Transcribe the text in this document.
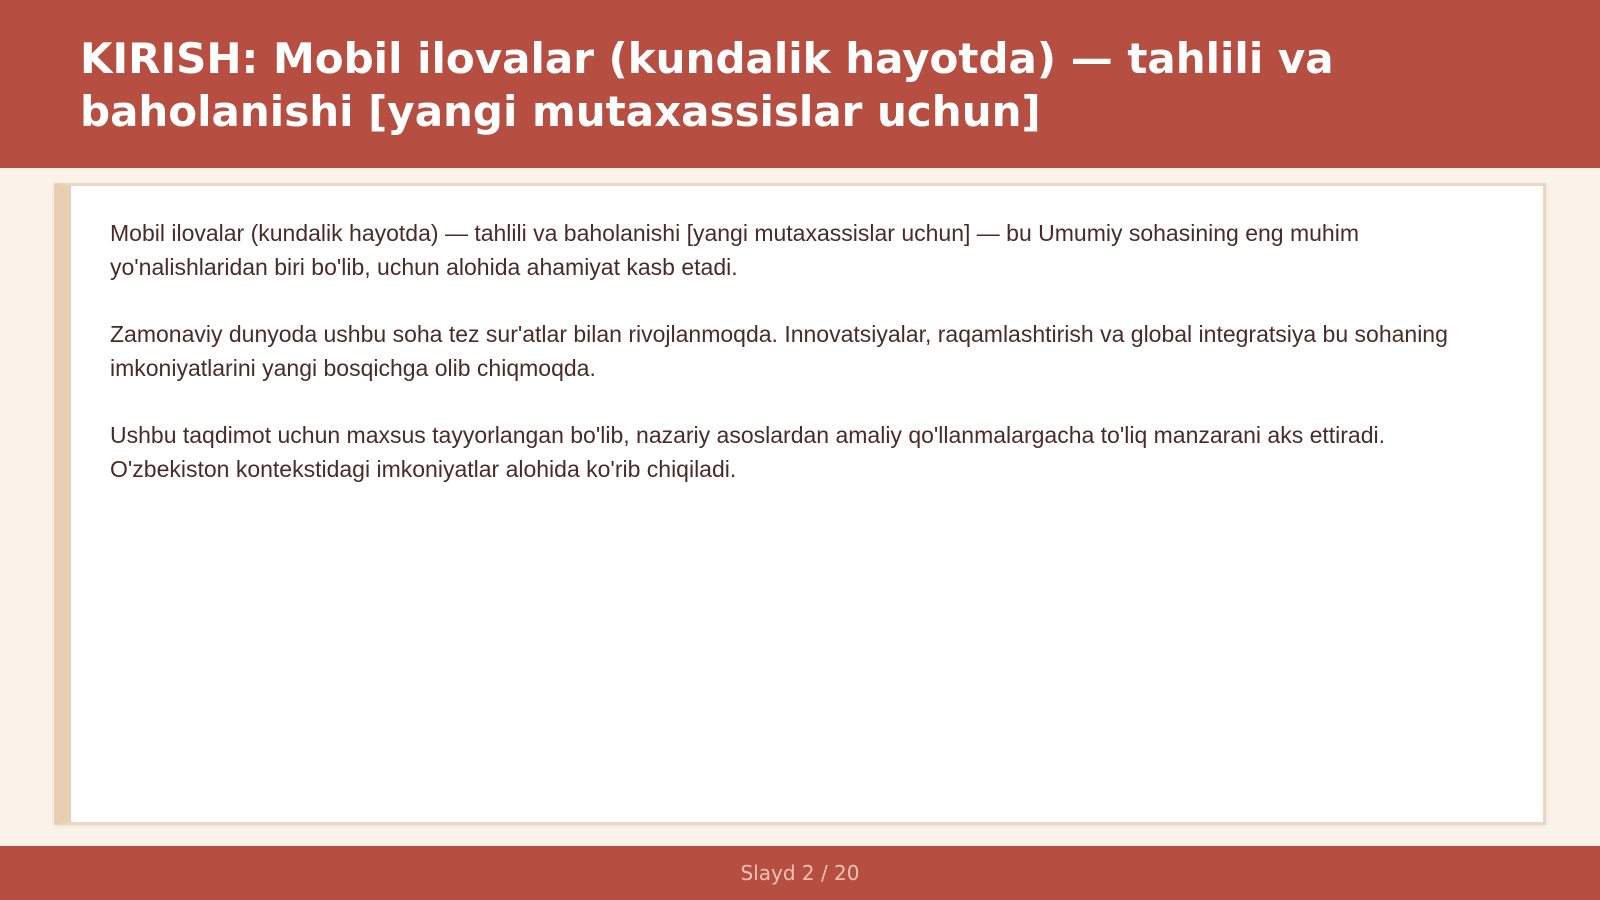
KIRISH: Mobil ilovalar (kundalik hayotda) — tahlili va baholanishi [yangi mutaxassislar uchun]

Mobil ilovalar (kundalik hayotda) — tahlili va baholanishi [yangi mutaxassislar uchun] — bu Umumiy sohasining eng muhim yo'nalishlaridan biri bo'lib, uchun alohida ahamiyat kasb etadi.

Zamonaviy dunyoda ushbu soha tez sur'atlar bilan rivojlanmoqda. Innovatsiyalar, raqamlashtirish va global integratsiya bu sohaning imkoniyatlarini yangi bosqichga olib chiqmoqda.

Ushbu taqdimot uchun maxsus tayyorlangan bo'lib, nazariy asoslardan amaliy qo'llanmalargacha to'liq manzarani aks ettiradi. O'zbekiston kontekstidagi imkoniyatlar alohida ko'rib chiqiladi.

Slayd 2 / 20
